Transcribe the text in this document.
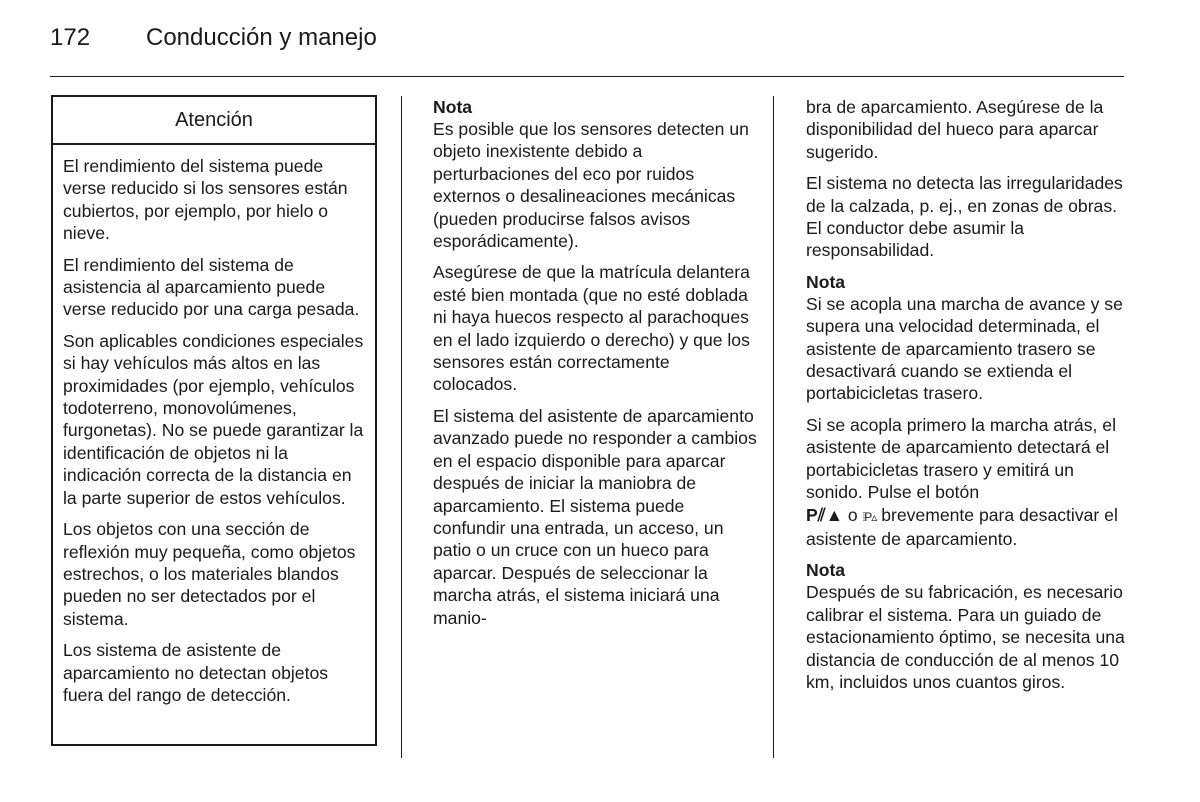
172	Conducción y manejo
Atención

El rendimiento del sistema puede verse reducido si los sensores están cubiertos, por ejemplo, por hielo o nieve.

El rendimiento del sistema de asistencia al aparcamiento puede verse reducido por una carga pesada.

Son aplicables condiciones especiales si hay vehículos más altos en las proximidades (por ejemplo, vehículos todoterreno, monovolúmenes, furgonetas). No se puede garantizar la identificación de objetos ni la indicación correcta de la distancia en la parte superior de estos vehículos.

Los objetos con una sección de reflexión muy pequeña, como objetos estrechos, o los materiales blandos pueden no ser detectados por el sistema.

Los sistema de asistente de aparcamiento no detectan objetos fuera del rango de detección.

Nota

Es posible que los sensores detecten un objeto inexistente debido a perturbaciones del eco por ruidos externos o desalineaciones mecánicas (pueden producirse falsos avisos esporádicamente).

Asegúrese de que la matrícula delantera esté bien montada (que no esté doblada ni haya huecos respecto al parachoques en el lado izquierdo o derecho) y que los sensores están correctamente colocados.

El sistema del asistente de aparcamiento avanzado puede no responder a cambios en el espacio disponible para aparcar después de iniciar la maniobra de aparcamiento. El sistema puede confundir una entrada, un acceso, un patio o un cruce con un hueco para aparcar. Después de seleccionar la marcha atrás, el sistema iniciará una manio-

bra de aparcamiento. Asegúrese de la disponibilidad del hueco para aparcar sugerido.

El sistema no detecta las irregularidades de la calzada, p. ej., en zonas de obras. El conductor debe asumir la responsabilidad.

Nota

Si se acopla una marcha de avance y se supera una velocidad determinada, el asistente de aparcamiento trasero se desactivará cuando se extienda el portabicicletas trasero.

Si se acopla primero la marcha atrás, el asistente de aparcamiento detectará el portabicicletas trasero y emitirá un sonido. Pulse el botón
P⫽▲ o ⦙P▵ brevemente para desactivar el asistente de aparcamiento.

Nota

Después de su fabricación, es necesario calibrar el sistema. Para un guiado de estacionamiento óptimo, se necesita una distancia de conducción de al menos 10 km, incluidos unos cuantos giros.
